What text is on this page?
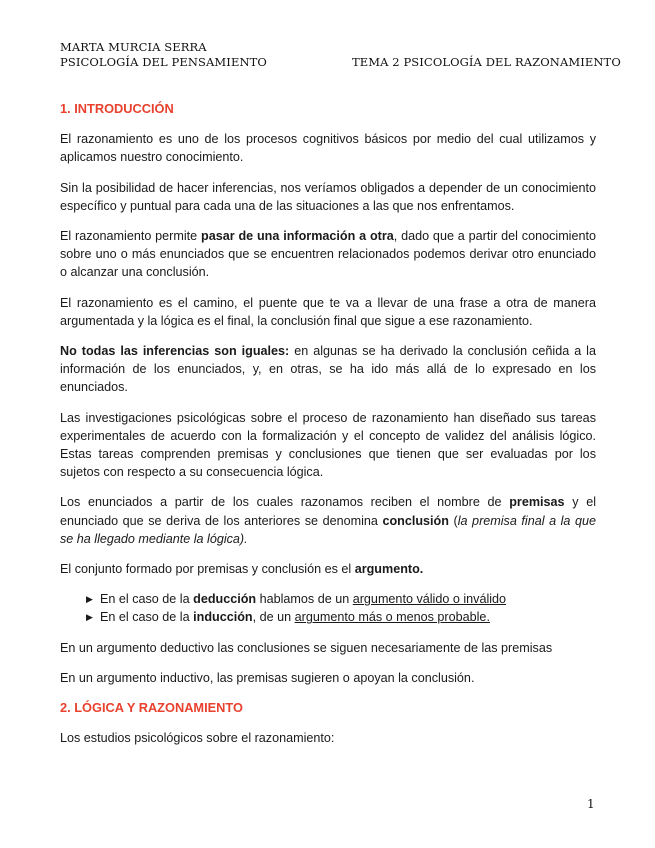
MARTA MURCIA SERRA
PSICOLOGÍA DEL PENSAMIENTO	TEMA 2 PSICOLOGÍA DEL RAZONAMIENTO
1. INTRODUCCIÓN

El razonamiento es uno de los procesos cognitivos básicos por medio del cual utilizamos y aplicamos nuestro conocimiento.

Sin la posibilidad de hacer inferencias, nos veríamos obligados a depender de un conocimiento específico y puntual para cada una de las situaciones a las que nos enfrentamos.

El razonamiento permite pasar de una información a otra, dado que a partir del conocimiento sobre uno o más enunciados que se encuentren relacionados podemos derivar otro enunciado o alcanzar una conclusión.

El razonamiento es el camino, el puente que te va a llevar de una frase a otra de manera argumentada y la lógica es el final, la conclusión final que sigue a ese razonamiento.

No todas las inferencias son iguales: en algunas se ha derivado la conclusión ceñida a la información de los enunciados, y, en otras, se ha ido más allá de lo expresado en los enunciados.

Las investigaciones psicológicas sobre el proceso de razonamiento han diseñado sus tareas experimentales de acuerdo con la formalización y el concepto de validez del análisis lógico. Estas tareas comprenden premisas y conclusiones que tienen que ser evaluadas por los sujetos con respecto a su consecuencia lógica.

Los enunciados a partir de los cuales razonamos reciben el nombre de premisas y el enunciado que se deriva de los anteriores se denomina conclusión (la premisa final a la que se ha llegado mediante la lógica).

El conjunto formado por premisas y conclusión es el argumento.

▶ En el caso de la deducción hablamos de un argumento válido o inválido
▶ En el caso de la inducción, de un argumento más o menos probable.

En un argumento deductivo las conclusiones se siguen necesariamente de las premisas

En un argumento inductivo, las premisas sugieren o apoyan la conclusión.

2. LÓGICA Y RAZONAMIENTO

Los estudios psicológicos sobre el razonamiento:

1
